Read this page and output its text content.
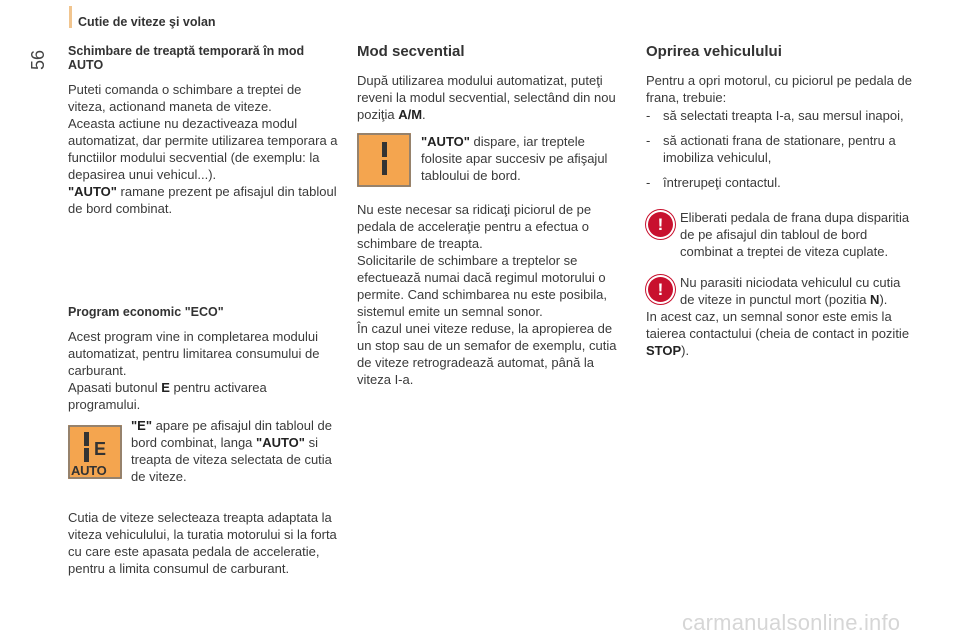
Cutie de viteze şi volan
56 Schimbare de treaptă temporară în mod AUTO

Puteti comanda o schimbare a treptei de viteza, actionand maneta de viteze.

Aceasta actiune nu dezactiveaza modul automatizat, dar permite utilizarea temporara a functiilor modului secvential (de exemplu: la depasirea unui vehicul...).

"AUTO" ramane prezent pe afisajul din tabloul de bord combinat.

Program economic "ECO"

Acest program vine in completarea modului automatizat, pentru limitarea consumului de carburant.

Apasati butonul E pentru activarea programului.

E
AUTO

"E" apare pe afisajul din tabloul de bord combinat, langa "AUTO" si treapta de viteza selectata de cutia de viteze.

Cutia de viteze selecteaza treapta adaptata la viteza vehiculului, la turatia motorului si la forta cu care este apasata pedala de acceleratie, pentru a limita consumul de carburant.

Mod secvential

După utilizarea modului automatizat, puteţi reveni la modul secvential, selectând din nou poziţia A/M.

"AUTO" dispare, iar treptele folosite apar succesiv pe afişajul tabloului de bord.

Nu este necesar sa ridicaţi piciorul de pe pedala de acceleraţie pentru a efectua o schimbare de treapta.

Solicitarile de schimbare a treptelor se efectuează numai dacă regimul motorului o permite. Cand schimbarea nu este posibila, sistemul emite un semnal sonor.

În cazul unei viteze reduse, la apropierea de un stop sau de un semafor de exemplu, cutia de viteze retrogradează automat, până la viteza I-a.

Oprirea vehiculului

Pentru a opri motorul, cu piciorul pe pedala de frana, trebuie:

- să selectati treapta I-a, sau mersul inapoi,
- să actionati frana de stationare, pentru a imobiliza vehiculul,
- întrerupeţi contactul.
!	Eliberati pedala de frana dupa disparitia de pe afisajul din tabloul de bord combinat a treptei de viteza cuplate.

!	Nu parasiti niciodata vehiculul cu cutia de viteze in punctul mort (pozitia N).

In acest caz, un semnal sonor este emis la taierea contactului (cheia de contact in pozitie STOP).

carmanualsonline.info
